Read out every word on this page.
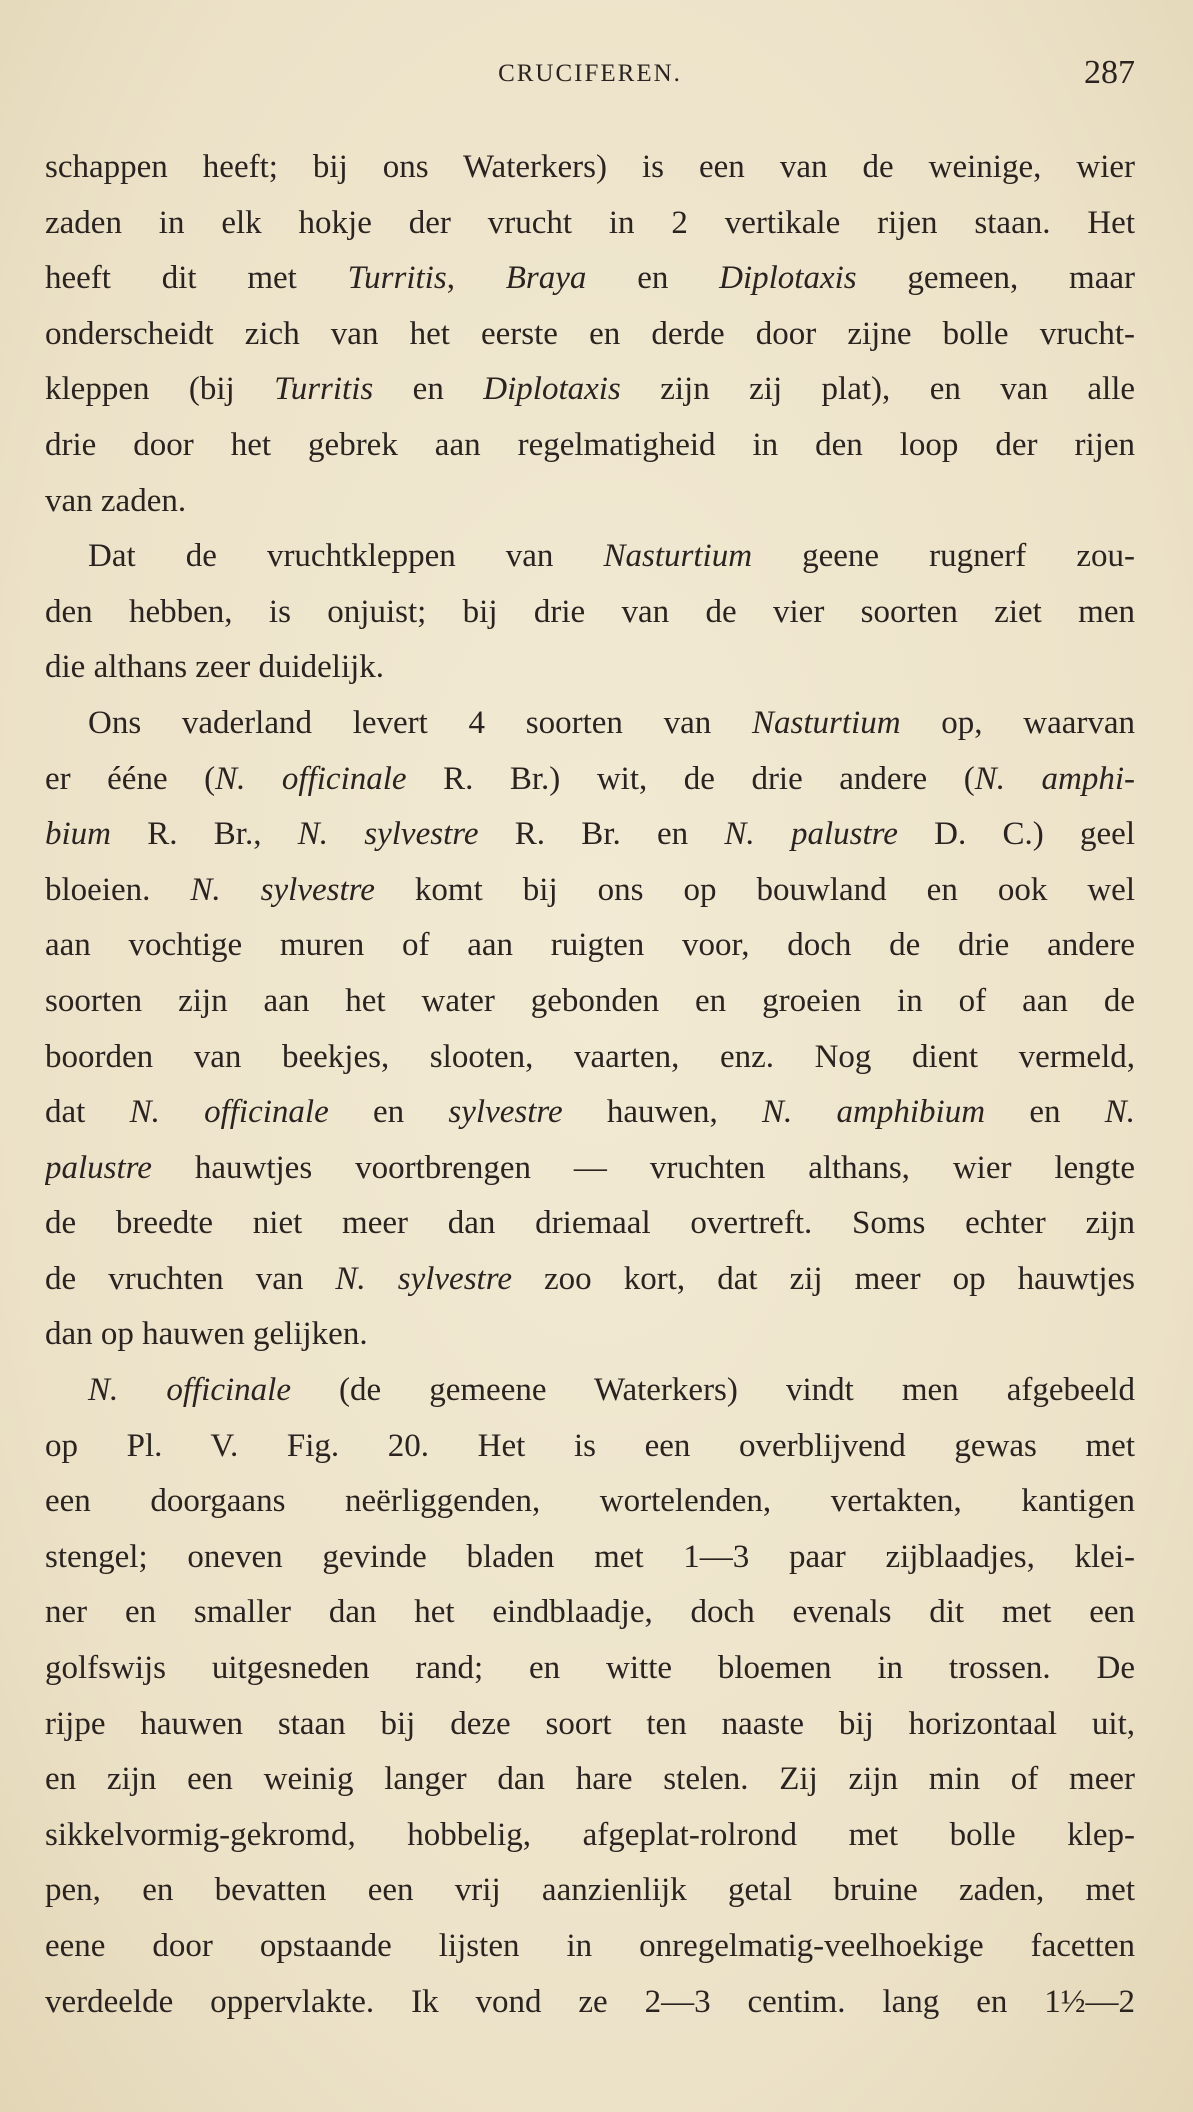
CRUCIFEREN.	287
schappen heeft; bij ons Waterkers) is een van de weinige, wier
zaden in elk hokje der vrucht in 2 vertikale rijen staan. Het
heeft dit met Turritis, Braya en Diplotaxis gemeen, maar
onderscheidt zich van het eerste en derde door zijne bolle vrucht-
kleppen (bij Turritis en Diplotaxis zijn zij plat), en van alle
drie door het gebrek aan regelmatigheid in den loop der rijen
van zaden.
Dat de vruchtkleppen van Nasturtium geene rugnerf zou-
den hebben, is onjuist; bij drie van de vier soorten ziet men
die althans zeer duidelijk.
Ons vaderland levert 4 soorten van Nasturtium op, waarvan
er ééne (N. officinale R. Br.) wit, de drie andere (N. amphi-
bium R. Br., N. sylvestre R. Br. en N. palustre D. C.) geel
bloeien. N. sylvestre komt bij ons op bouwland en ook wel
aan vochtige muren of aan ruigten voor, doch de drie andere
soorten zijn aan het water gebonden en groeien in of aan de
boorden van beekjes, slooten, vaarten, enz. Nog dient vermeld,
dat N. officinale en sylvestre hauwen, N. amphibium en N.
palustre hauwtjes voortbrengen — vruchten althans, wier lengte
de breedte niet meer dan driemaal overtreft. Soms echter zijn
de vruchten van N. sylvestre zoo kort, dat zij meer op hauwtjes
dan op hauwen gelijken.
N. officinale (de gemeene Waterkers) vindt men afgebeeld
op Pl. V. Fig. 20. Het is een overblijvend gewas met
een doorgaans neërliggenden, wortelenden, vertakten, kantigen
stengel; oneven gevinde bladen met 1—3 paar zijblaadjes, klei-
ner en smaller dan het eindblaadje, doch evenals dit met een
golfswijs uitgesneden rand; en witte bloemen in trossen. De
rijpe hauwen staan bij deze soort ten naaste bij horizontaal uit,
en zijn een weinig langer dan hare stelen. Zij zijn min of meer
sikkelvormig-gekromd, hobbelig, afgeplat-rolrond met bolle klep-
pen, en bevatten een vrij aanzienlijk getal bruine zaden, met
eene door opstaande lijsten in onregelmatig-veelhoekige facetten
verdeelde oppervlakte. Ik vond ze 2—3 centim. lang en 1½—2
